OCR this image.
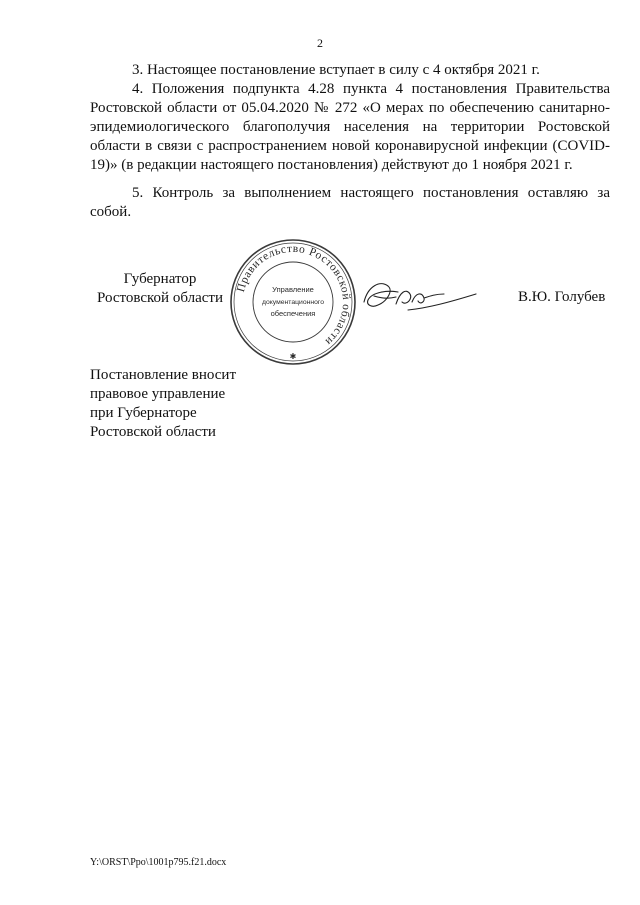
2

3. Настоящее постановление вступает в силу с 4 октября 2021 г.

4. Положения подпункта 4.28 пункта 4 постановления Правительства Ростовской области от 05.04.2020 № 272 «О мерах по обеспечению санитарно-эпидемиологического благополучия населения на территории Ростовской области в связи с распространением новой коронавирусной инфекции (COVID-19)» (в редакции настоящего постановления) действуют до 1 ноября 2021 г.

5. Контроль за выполнением настоящего постановления оставляю за собой.

Губернатор
Ростовской области
Правительство Ростовской области
Управление
документационного
обеспечения
✱
В.Ю. Голубев
Постановление вносит
правовое управление
при Губернаторе
Ростовской области
Y:\ORST\Ppo\1001p795.f21.docx
